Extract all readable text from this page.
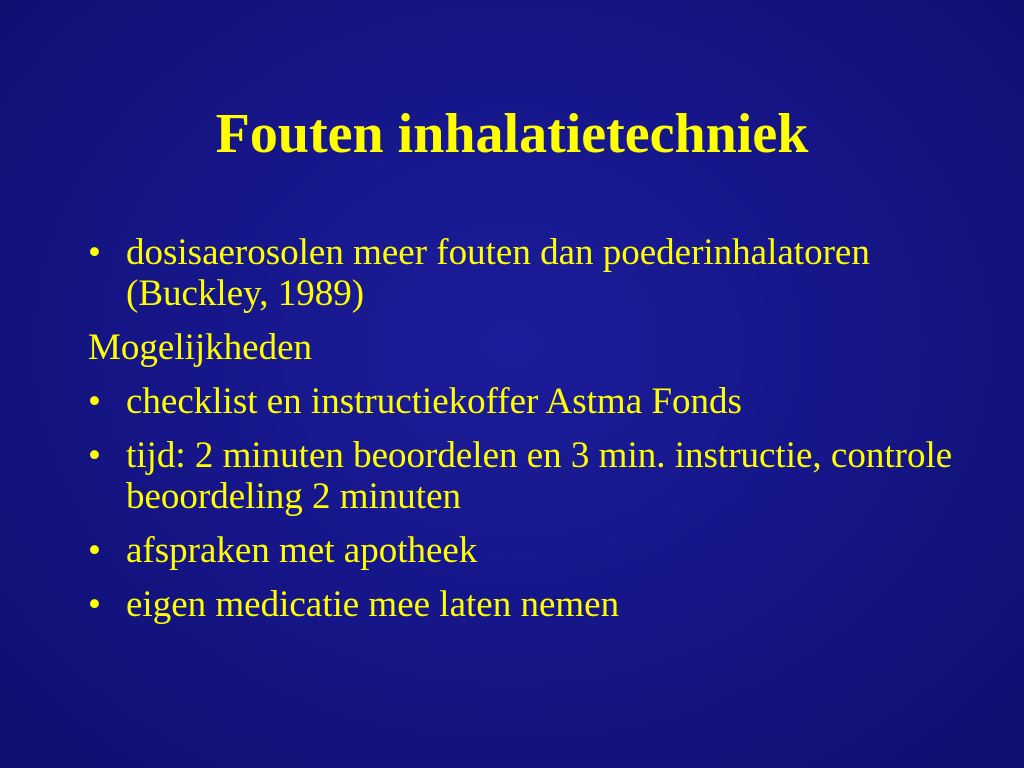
Fouten inhalatietechniek
• dosisaerosolen meer fouten dan poederinhalatoren (Buckley, 1989)
Mogelijkheden
• checklist en instructiekoffer Astma Fonds
• tijd: 2 minuten beoordelen en 3 min. instructie, controle beoordeling 2 minuten
• afspraken met apotheek
• eigen medicatie mee laten nemen
